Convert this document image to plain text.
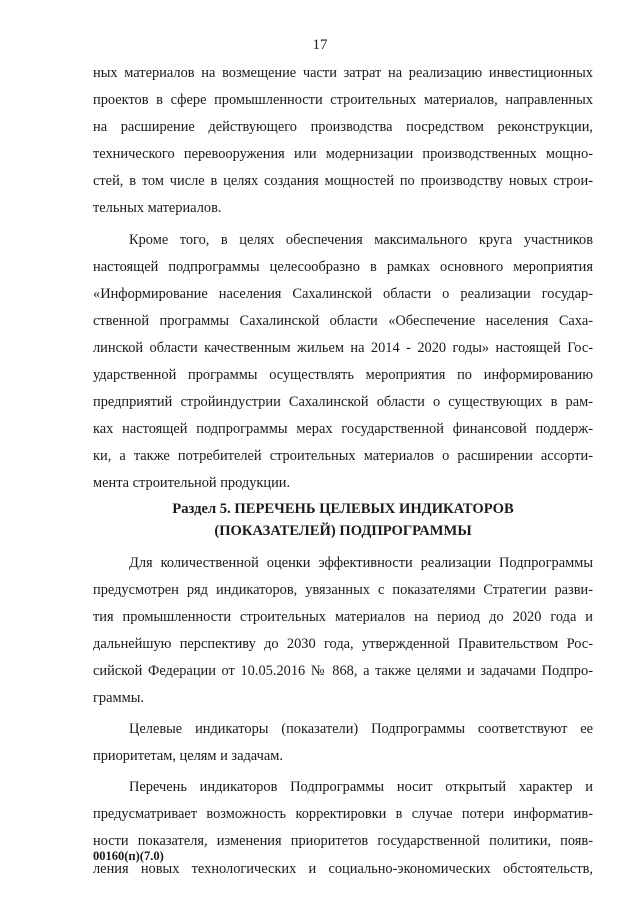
17
ных материалов на возмещение части затрат на реализацию инвестиционных
проектов в сфере промышленности строительных материалов, направленных
на расширение действующего производства посредством реконструкции,
технического перевооружения или модернизации производственных мощно-
стей, в том числе в целях создания мощностей по производству новых строи-
тельных материалов.
Кроме того, в целях обеспечения максимального круга участников
настоящей подпрограммы целесообразно в рамках основного мероприятия
«Информирование населения Сахалинской области о реализации государ-
ственной программы Сахалинской области «Обеспечение населения Саха-
линской области качественным жильем на 2014 - 2020 годы» настоящей Гос-
ударственной программы осуществлять мероприятия по информированию
предприятий стройиндустрии Сахалинской области о существующих в рам-
ках настоящей подпрограммы мерах государственной финансовой поддерж-
ки, а также потребителей строительных материалов о расширении ассорти-
мента строительной продукции.
Раздел 5. ПЕРЕЧЕНЬ ЦЕЛЕВЫХ ИНДИКАТОРОВ
(ПОКАЗАТЕЛЕЙ) ПОДПРОГРАММЫ
Для количественной оценки эффективности реализации Подпрограммы
предусмотрен ряд индикаторов, увязанных с показателями Стратегии разви-
тия промышленности строительных материалов на период до 2020 года и
дальнейшую перспективу до 2030 года, утвержденной Правительством Рос-
сийской Федерации от 10.05.2016 № 868, а также целями и задачами Подпро-
граммы.
Целевые индикаторы (показатели) Подпрограммы соответствуют ее
приоритетам, целям и задачам.
Перечень индикаторов Подпрограммы носит открытый характер и
предусматривает возможность корректировки в случае потери информатив-
ности показателя, изменения приоритетов государственной политики, появ-
ления новых технологических и социально-экономических обстоятельств,
00160(п)(7.0)
